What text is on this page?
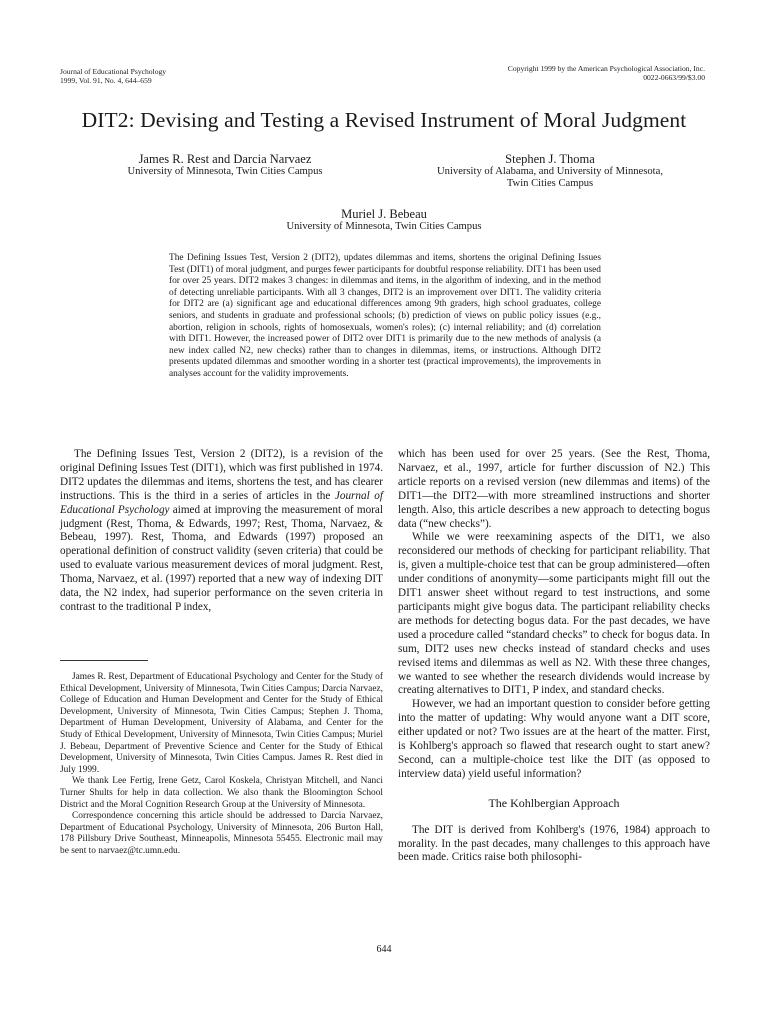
Journal of Educational Psychology
1999, Vol. 91, No. 4, 644–659
Copyright 1999 by the American Psychological Association, Inc.
0022-0663/99/$3.00
DIT2: Devising and Testing a Revised Instrument of Moral Judgment
James R. Rest and Darcia Narvaez
University of Minnesota, Twin Cities Campus
Stephen J. Thoma
University of Alabama, and University of Minnesota,
Twin Cities Campus
Muriel J. Bebeau
University of Minnesota, Twin Cities Campus
The Defining Issues Test, Version 2 (DIT2), updates dilemmas and items, shortens the original Defining Issues Test (DIT1) of moral judgment, and purges fewer participants for doubtful response reliability. DIT1 has been used for over 25 years. DIT2 makes 3 changes: in dilemmas and items, in the algorithm of indexing, and in the method of detecting unreliable participants. With all 3 changes, DIT2 is an improvement over DIT1. The validity criteria for DIT2 are (a) significant age and educational differences among 9th graders, high school graduates, college seniors, and students in graduate and professional schools; (b) prediction of views on public policy issues (e.g., abortion, religion in schools, rights of homosexuals, women's roles); (c) internal reliability; and (d) correlation with DIT1. However, the increased power of DIT2 over DIT1 is primarily due to the new methods of analysis (a new index called N2, new checks) rather than to changes in dilemmas, items, or instructions. Although DIT2 presents updated dilemmas and smoother wording in a shorter test (practical improvements), the improvements in analyses account for the validity improvements.

The Defining Issues Test, Version 2 (DIT2), is a revision of the original Defining Issues Test (DIT1), which was first published in 1974. DIT2 updates the dilemmas and items, shortens the test, and has clearer instructions. This is the third in a series of articles in the Journal of Educational Psychology aimed at improving the measurement of moral judgment (Rest, Thoma, & Edwards, 1997; Rest, Thoma, Narvaez, & Bebeau, 1997). Rest, Thoma, and Edwards (1997) proposed an operational definition of construct validity (seven criteria) that could be used to evaluate various measurement devices of moral judgment. Rest, Thoma, Narvaez, et al. (1997) reported that a new way of indexing DIT data, the N2 index, had superior performance on the seven criteria in contrast to the traditional P index,

James R. Rest, Department of Educational Psychology and Center for the Study of Ethical Development, University of Minnesota, Twin Cities Campus; Darcia Narvaez, College of Education and Human Development and Center for the Study of Ethical Development, University of Minnesota, Twin Cities Campus; Stephen J. Thoma, Department of Human Development, University of Alabama, and Center for the Study of Ethical Development, University of Minnesota, Twin Cities Campus; Muriel J. Bebeau, Department of Preventive Science and Center for the Study of Ethical Development, University of Minnesota, Twin Cities Campus. James R. Rest died in July 1999.

We thank Lee Fertig, Irene Getz, Carol Koskela, Christyan Mitchell, and Nanci Turner Shults for help in data collection. We also thank the Bloomington School District and the Moral Cognition Research Group at the University of Minnesota.

Correspondence concerning this article should be addressed to Darcia Narvaez, Department of Educational Psychology, University of Minnesota, 206 Burton Hall, 178 Pillsbury Drive Southeast, Minneapolis, Minnesota 55455. Electronic mail may be sent to narvaez@tc.umn.edu.

which has been used for over 25 years. (See the Rest, Thoma, Narvaez, et al., 1997, article for further discussion of N2.) This article reports on a revised version (new dilemmas and items) of the DIT1—the DIT2—with more streamlined instructions and shorter length. Also, this article describes a new approach to detecting bogus data (“new checks”).

While we were reexamining aspects of the DIT1, we also reconsidered our methods of checking for participant reliability. That is, given a multiple-choice test that can be group administered—often under conditions of anonymity—some participants might fill out the DIT1 answer sheet without regard to test instructions, and some participants might give bogus data. The participant reliability checks are methods for detecting bogus data. For the past decades, we have used a procedure called “standard checks” to check for bogus data. In sum, DIT2 uses new checks instead of standard checks and uses revised items and dilemmas as well as N2. With these three changes, we wanted to see whether the research dividends would increase by creating alternatives to DIT1, P index, and standard checks.

However, we had an important question to consider before getting into the matter of updating: Why would anyone want a DIT score, either updated or not? Two issues are at the heart of the matter. First, is Kohlberg's approach so flawed that research ought to start anew? Second, can a multiple-choice test like the DIT (as opposed to interview data) yield useful information?

The Kohlbergian Approach

The DIT is derived from Kohlberg's (1976, 1984) approach to morality. In the past decades, many challenges to this approach have been made. Critics raise both philosophi-

644
